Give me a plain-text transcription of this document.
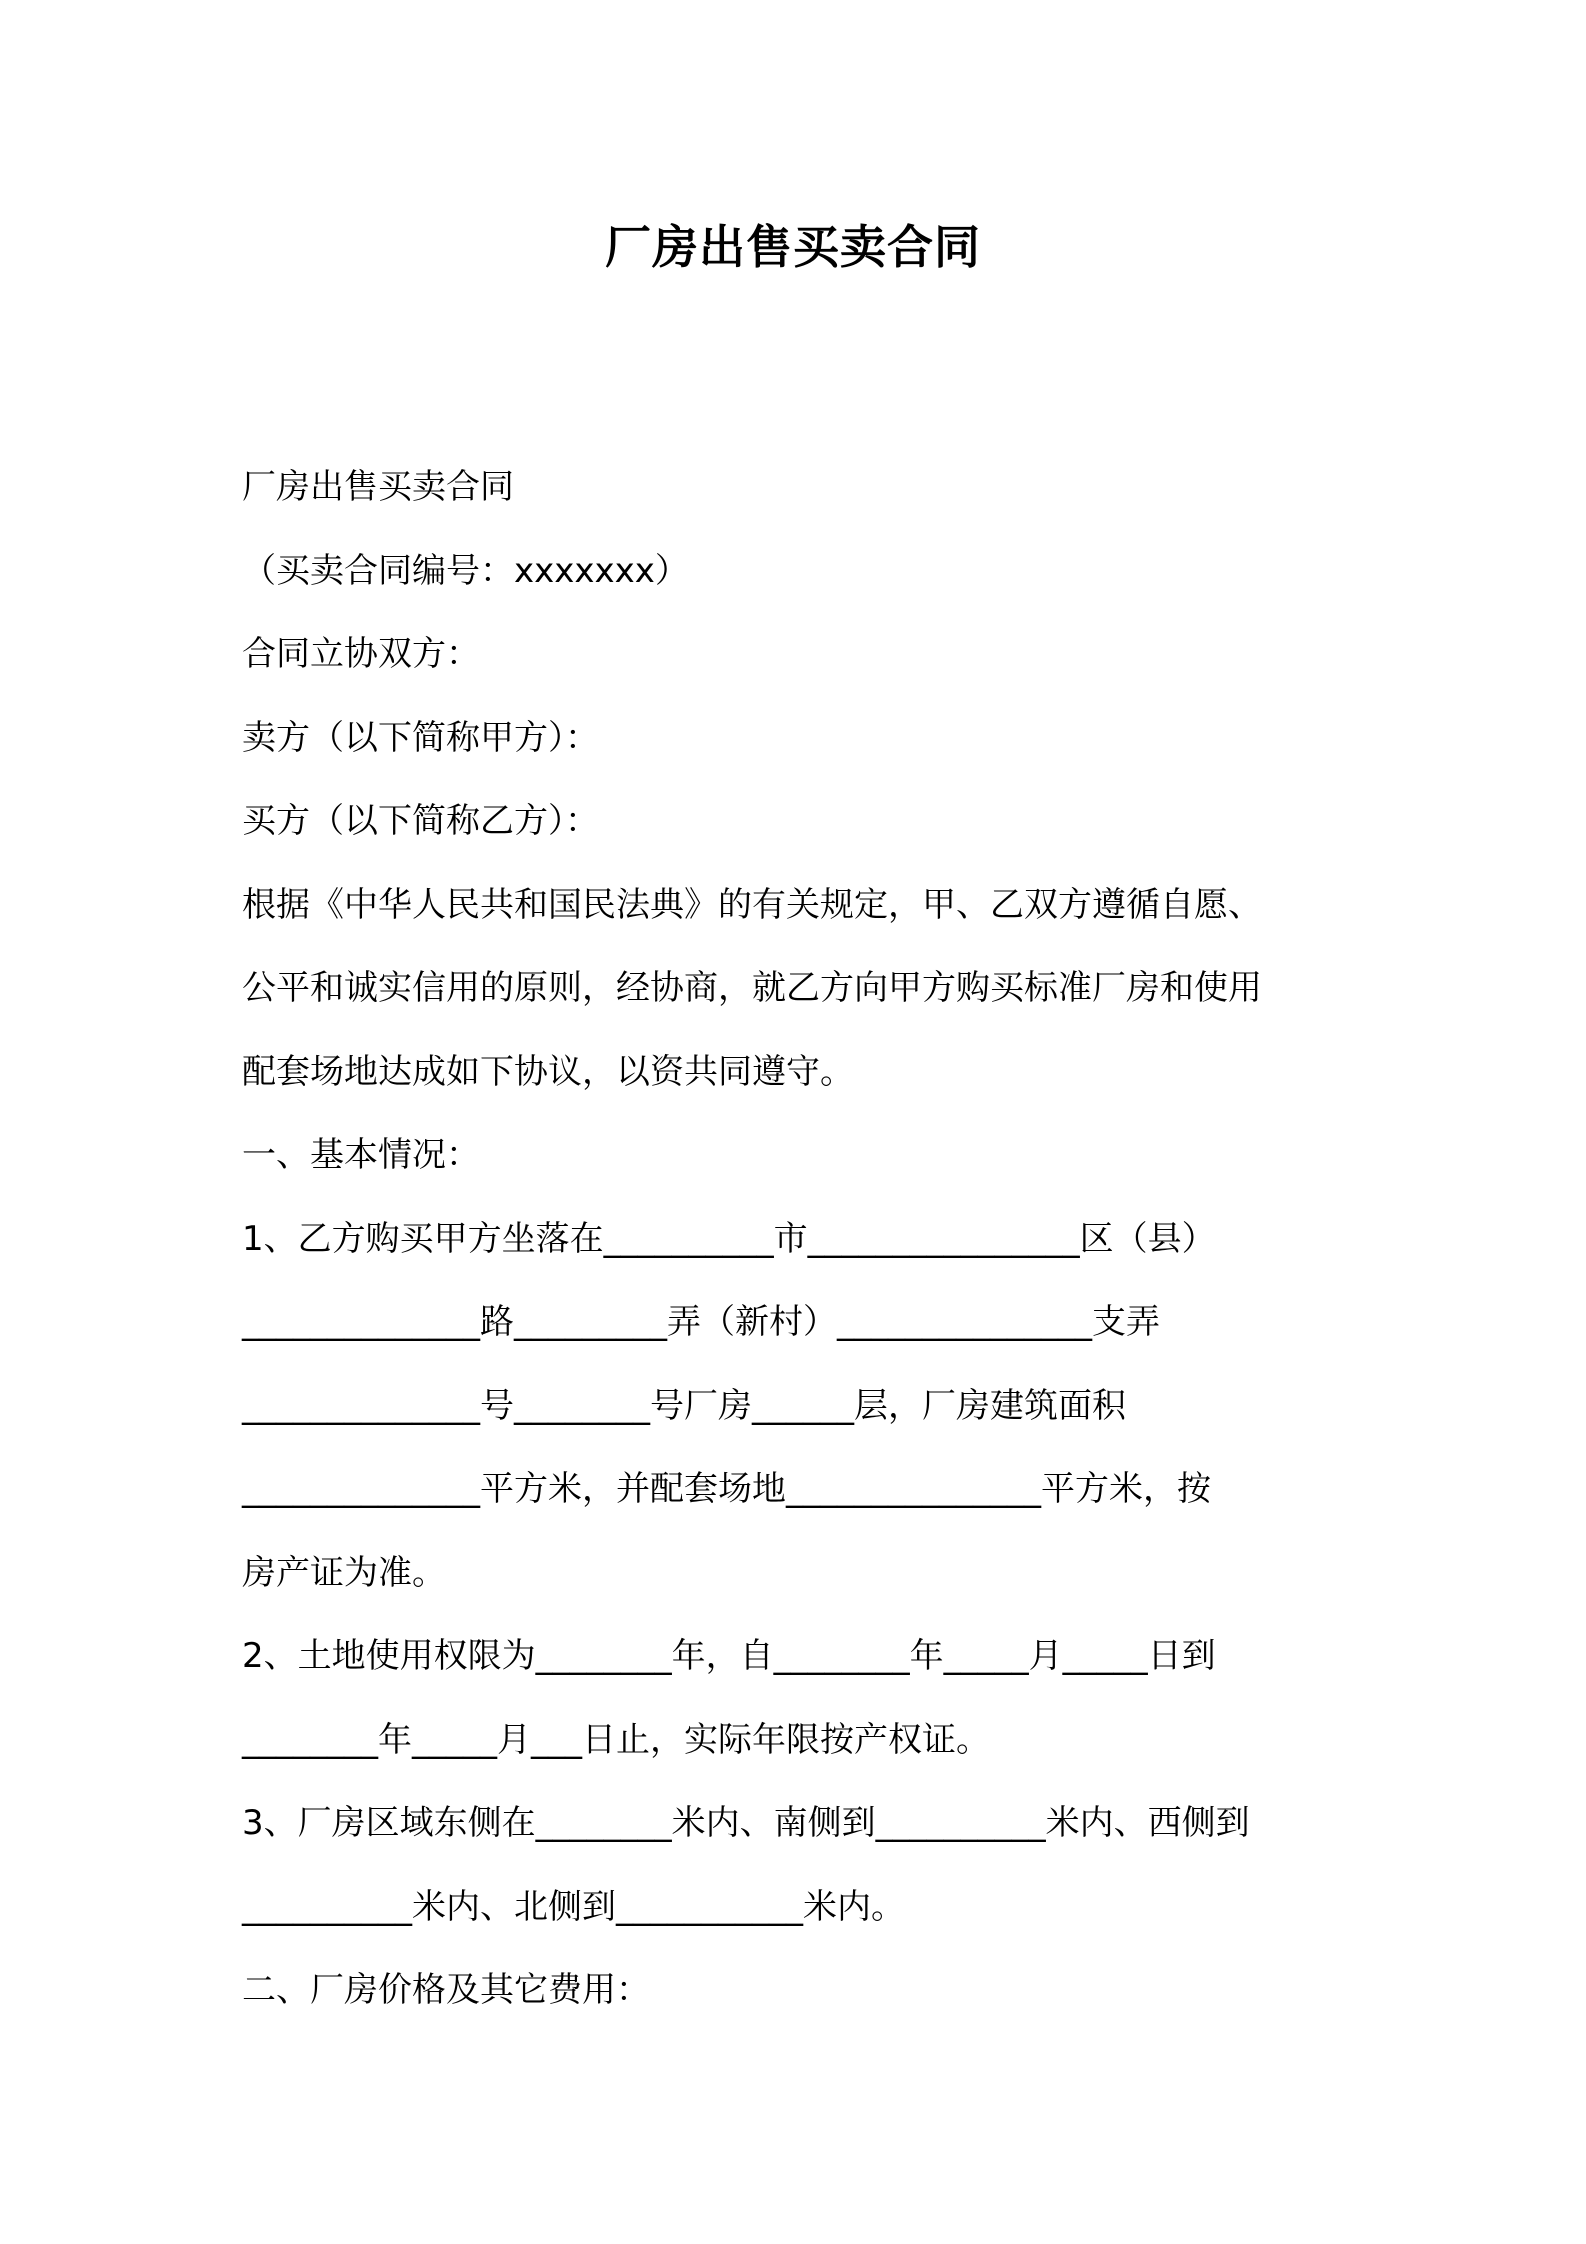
厂房出售买卖合同
厂房出售买卖合同
（买卖合同编号：xxxxxxx）
合同立协双方：
卖方（以下简称甲方）：
买方（以下简称乙方）：
根据《中华人民共和国民法典》的有关规定，甲、乙双方遵循自愿、
公平和诚实信用的原则，经协商，就乙方向甲方购买标准厂房和使用
配套场地达成如下协议，以资共同遵守。
一、基本情况：
1、乙方购买甲方坐落在__________市________________区（县）
______________路_________弄（新村）_______________支弄
______________号________号厂房______层，厂房建筑面积
______________平方米，并配套场地_______________平方米，按
房产证为准。
2、土地使用权限为________年，自________年_____月_____日到
________年_____月___日止，实际年限按产权证。
3、厂房区域东侧在________米内、南侧到__________米内、西侧到
__________米内、北侧到___________米内。
二、厂房价格及其它费用：
